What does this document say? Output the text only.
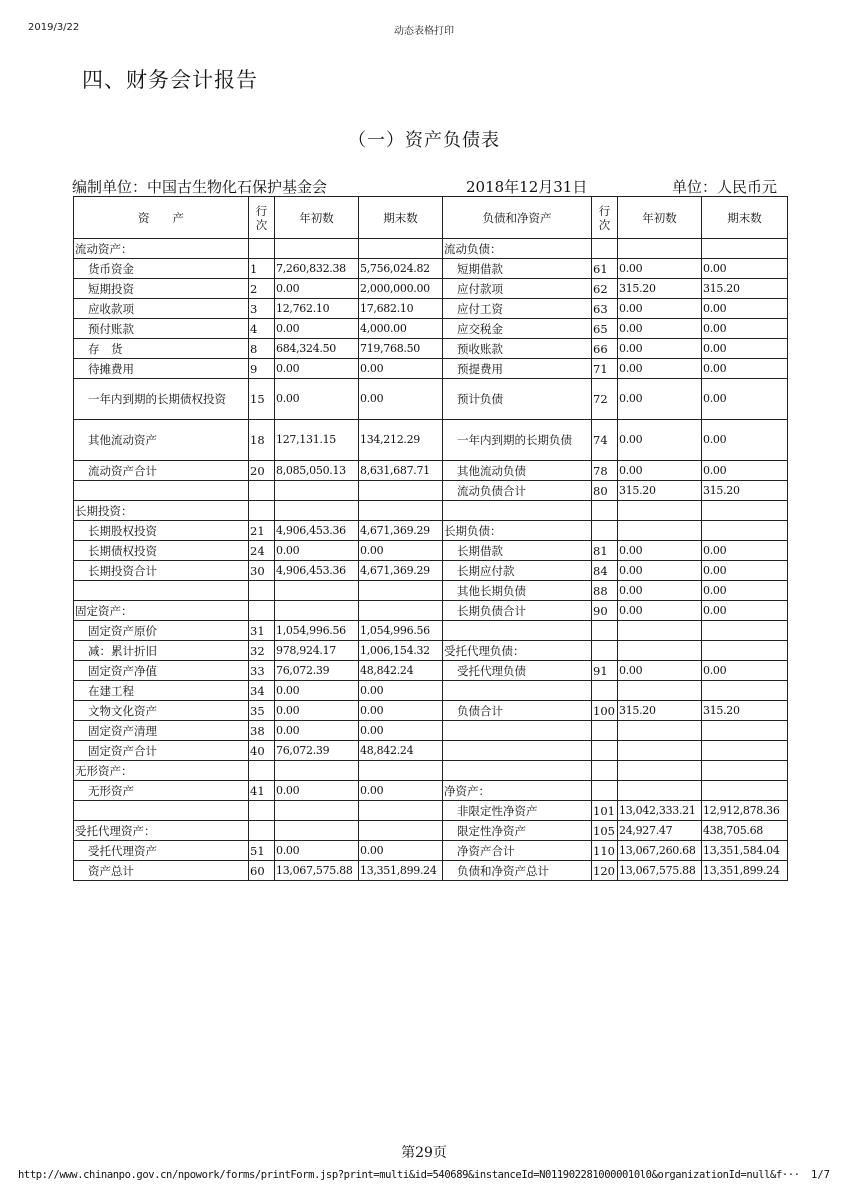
2019/3/22	动态表格打印
四、财务会计报告
（一）资产负债表
编制单位：中国古生物化石保护基金会	2018年12月31日	单位：人民币元
资　　产	行
次	年初数	期末数	负债和净资产	行
次	年初数	期末数
流动资产：				流动负债：			
货币资金	1	7,260,832.38	5,756,024.82	短期借款	61	0.00	0.00
短期投资	2	0.00	2,000,000.00	应付款项	62	315.20	315.20
应收款项	3	12,762.10	17,682.10	应付工资	63	0.00	0.00
预付账款	4	0.00	4,000.00	应交税金	65	0.00	0.00
存　货	8	684,324.50	719,768.50	预收账款	66	0.00	0.00
待摊费用	9	0.00	0.00	预提费用	71	0.00	0.00
一年内到期的长期债权投资	15	0.00	0.00	预计负债	72	0.00	0.00
其他流动资产	18	127,131.15	134,212.29	一年内到期的长期负债	74	0.00	0.00
流动资产合计	20	8,085,050.13	8,631,687.71	其他流动负债	78	0.00	0.00
				流动负债合计	80	315.20	315.20
长期投资：							
长期股权投资	21	4,906,453.36	4,671,369.29	长期负债：			
长期债权投资	24	0.00	0.00	长期借款	81	0.00	0.00
长期投资合计	30	4,906,453.36	4,671,369.29	长期应付款	84	0.00	0.00
				其他长期负债	88	0.00	0.00
固定资产：				长期负债合计	90	0.00	0.00
固定资产原价	31	1,054,996.56	1,054,996.56				
减：累计折旧	32	978,924.17	1,006,154.32	受托代理负债：			
固定资产净值	33	76,072.39	48,842.24	受托代理负债	91	0.00	0.00
在建工程	34	0.00	0.00				
文物文化资产	35	0.00	0.00	负债合计	100	315.20	315.20
固定资产清理	38	0.00	0.00				
固定资产合计	40	76,072.39	48,842.24				
无形资产：							
无形资产	41	0.00	0.00	净资产：			
				非限定性净资产	101	13,042,333.21	12,912,878.36
受托代理资产：				限定性净资产	105	24,927.47	438,705.68
受托代理资产	51	0.00	0.00	净资产合计	110	13,067,260.68	13,351,584.04
资产总计	60	13,067,575.88	13,351,899.24	负债和净资产总计	120	13,067,575.88	13,351,899.24
第29页
http://www.chinanpo.gov.cn/npowork/forms/printForm.jsp?print=multi&id=540689&instanceId=N0119022810000010l0&organizationId=null&f··· 1/7
